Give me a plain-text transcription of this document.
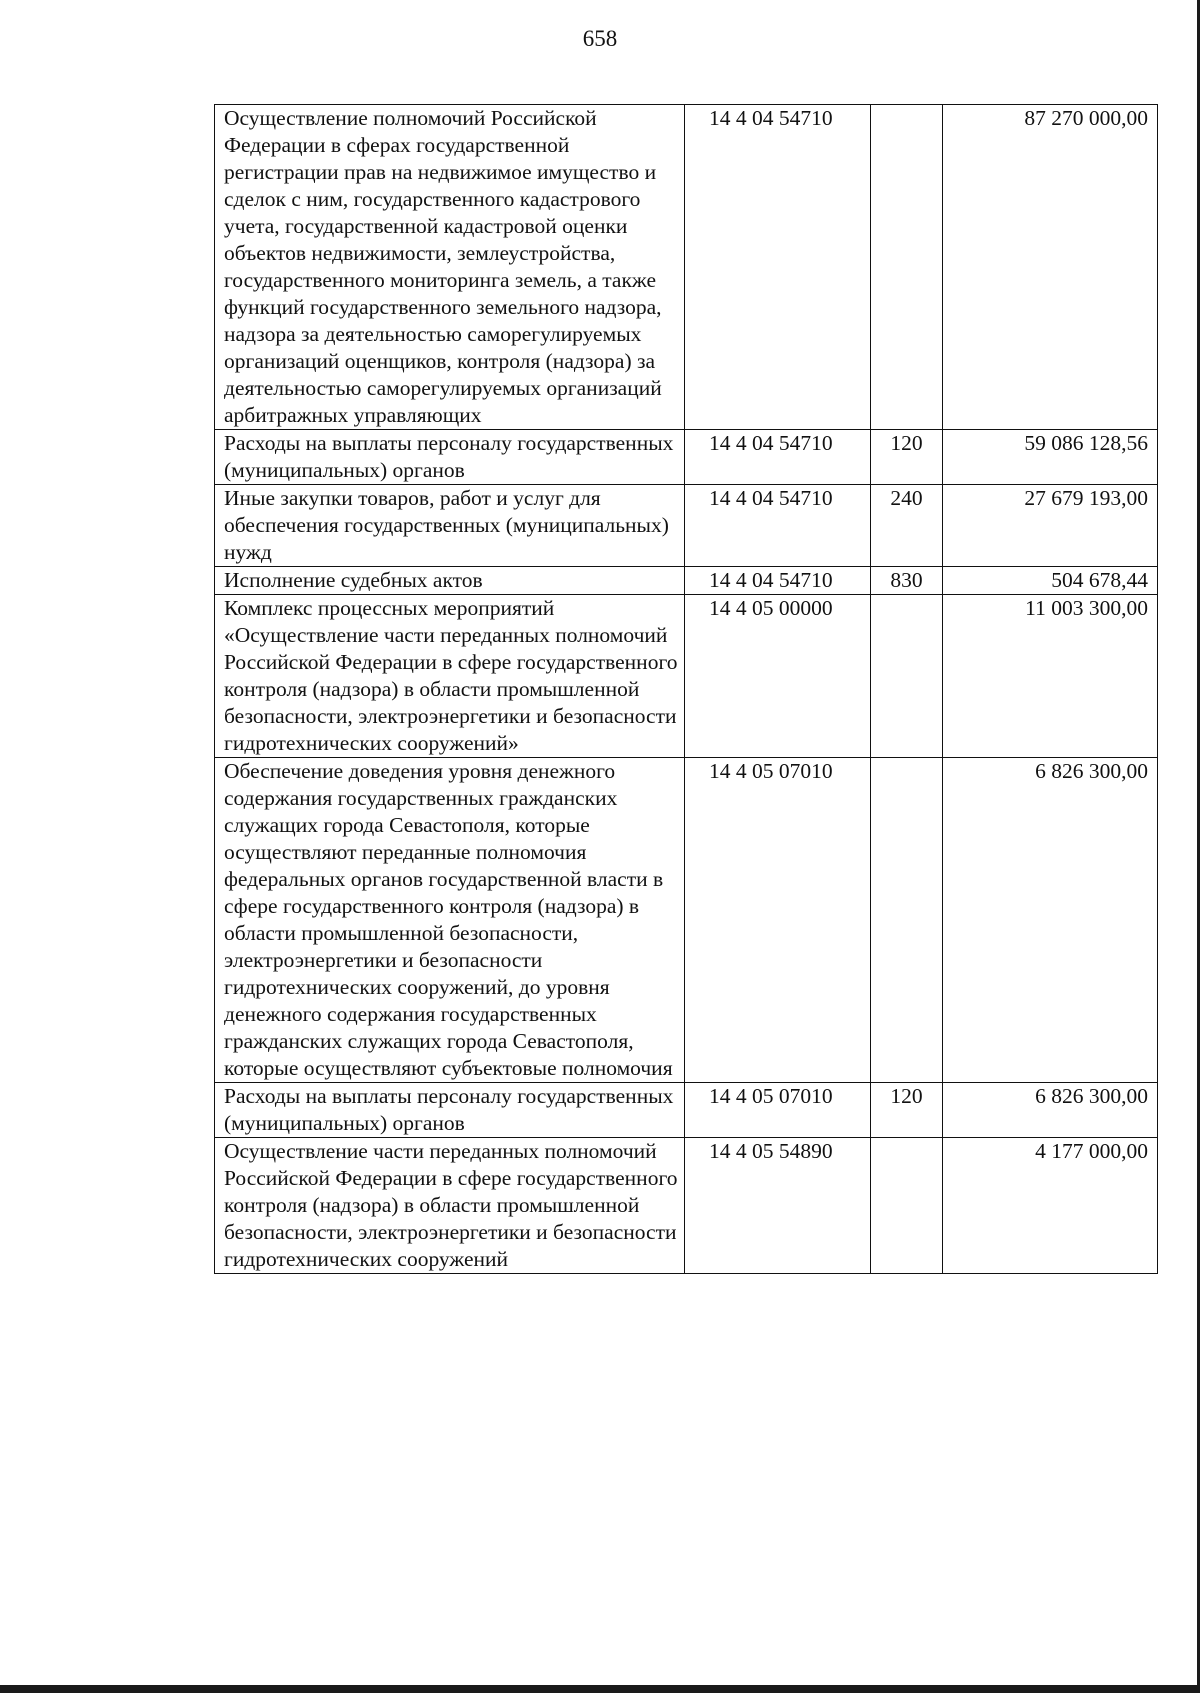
658
Осуществление полномочий Российской Федерации в сферах государственной регистрации прав на недвижимое имущество и сделок с ним, государственного кадастрового учета, государственной кадастровой оценки объектов недвижимости, землеустройства, государственного мониторинга земель, а также функций государственного земельного надзора, надзора за деятельностью саморегулируемых организаций оценщиков, контроля (надзора) за деятельностью саморегулируемых организаций арбитражных управляющих	14 4 04 54710		87 270 000,00
Расходы на выплаты персоналу государственных (муниципальных) органов	14 4 04 54710	120	59 086 128,56
Иные закупки товаров, работ и услуг для обеспечения государственных (муниципальных) нужд	14 4 04 54710	240	27 679 193,00
Исполнение судебных актов	14 4 04 54710	830	504 678,44
Комплекс процессных мероприятий «Осуществление части переданных полномочий Российской Федерации в сфере государственного контроля (надзора) в области промышленной безопасности, электроэнергетики и безопасности гидротехнических сооружений»	14 4 05 00000		11 003 300,00
Обеспечение доведения уровня денежного содержания государственных гражданских служащих города Севастополя, которые осуществляют переданные полномочия федеральных органов государственной власти в сфере государственного контроля (надзора) в области промышленной безопасности, электроэнергетики и безопасности гидротехнических сооружений, до уровня денежного содержания государственных гражданских служащих города Севастополя, которые осуществляют субъектовые полномочия	14 4 05 07010		6 826 300,00
Расходы на выплаты персоналу государственных (муниципальных) органов	14 4 05 07010	120	6 826 300,00
Осуществление части переданных полномочий Российской Федерации в сфере государственного контроля (надзора) в области промышленной безопасности, электроэнергетики и безопасности гидротехнических сооружений	14 4 05 54890		4 177 000,00
